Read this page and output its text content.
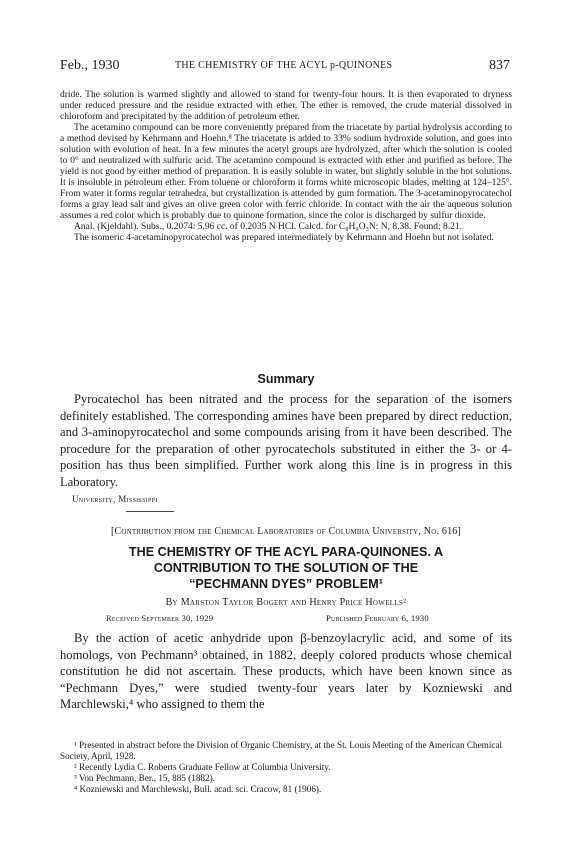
Feb., 1930	THE CHEMISTRY OF THE ACYL p-QUINONES	837

dride. The solution is warmed slightly and allowed to stand for twenty-four hours. It is then evaporated to dryness under reduced pressure and the residue extracted with ether. The ether is removed, the crude material dissolved in chloroform and precipitated by the addition of petroleum ether.

The acetamino compound can be more conveniently prepared from the triacetate by partial hydrolysis according to a method devised by Kehrmann and Hoehn.⁸ The triacetate is added to 33% sodium hydroxide solution, and goes into solution with evolution of heat. In a few minutes the acetyl groups are hydrolyzed, after which the solution is cooled to 0° and neutralized with sulfuric acid. The acetamino compound is extracted with ether and purified as before. The yield is not good by either method of preparation. It is easily soluble in water, but slightly soluble in the hot solutions. It is insoluble in petroleum ether. From toluene or chloroform it forms white microscopic blades, melting at 124–125°. From water it forms regular tetrahedra, but crystallization is attended by gum formation. The 3-acetaminopyrocatechol forms a gray lead salt and gives an olive green color with ferric chloride. In contact with the air the aqueous solution assumes a red color which is probably due to quinone formation, since the color is discharged by sulfur dioxide.

Anal. (Kjeldahl). Subs., 0.2074: 5.96 cc. of 0.2035 N HCl. Calcd. for C₈H₉O₃N: N, 8.38. Found: 8.21.

The isomeric 4-acetaminopyrocatechol was prepared intermediately by Kehrmann and Hoehn but not isolated.

Summary

Pyrocatechol has been nitrated and the process for the separation of the isomers definitely established. The corresponding amines have been prepared by direct reduction, and 3-aminopyrocatechol and some compounds arising from it have been described. The procedure for the preparation of other pyrocatechols substituted in either the 3- or 4-position has thus been simplified. Further work along this line is in progress in this Laboratory.

University, Mississippi
[Contribution from the Chemical Laboratories of Columbia University, No. 616]
THE CHEMISTRY OF THE ACYL PARA-QUINONES. A
CONTRIBUTION TO THE SOLUTION OF THE
“PECHMANN DYES” PROBLEM¹
By Marston Taylor Bogert and Henry Price Howells²
Received September 30, 1929	Published February 6, 1930

By the action of acetic anhydride upon β-benzoylacrylic acid, and some of its homologs, von Pechmann³ obtained, in 1882, deeply colored products whose chemical constitution he did not ascertain. These products, which have been known since as “Pechmann Dyes,” were studied twenty-four years later by Kozniewski and Marchlewski,⁴ who assigned to them the

¹ Presented in abstract before the Division of Organic Chemistry, at the St. Louis Meeting of the American Chemical Society, April, 1928.

² Recently Lydia C. Roberts Graduate Fellow at Columbia University.

³ Von Pechmann, Ber., 15, 885 (1882).

⁴ Kozniewski and Marchlewski, Bull. acad. sci. Cracow, 81 (1906).
